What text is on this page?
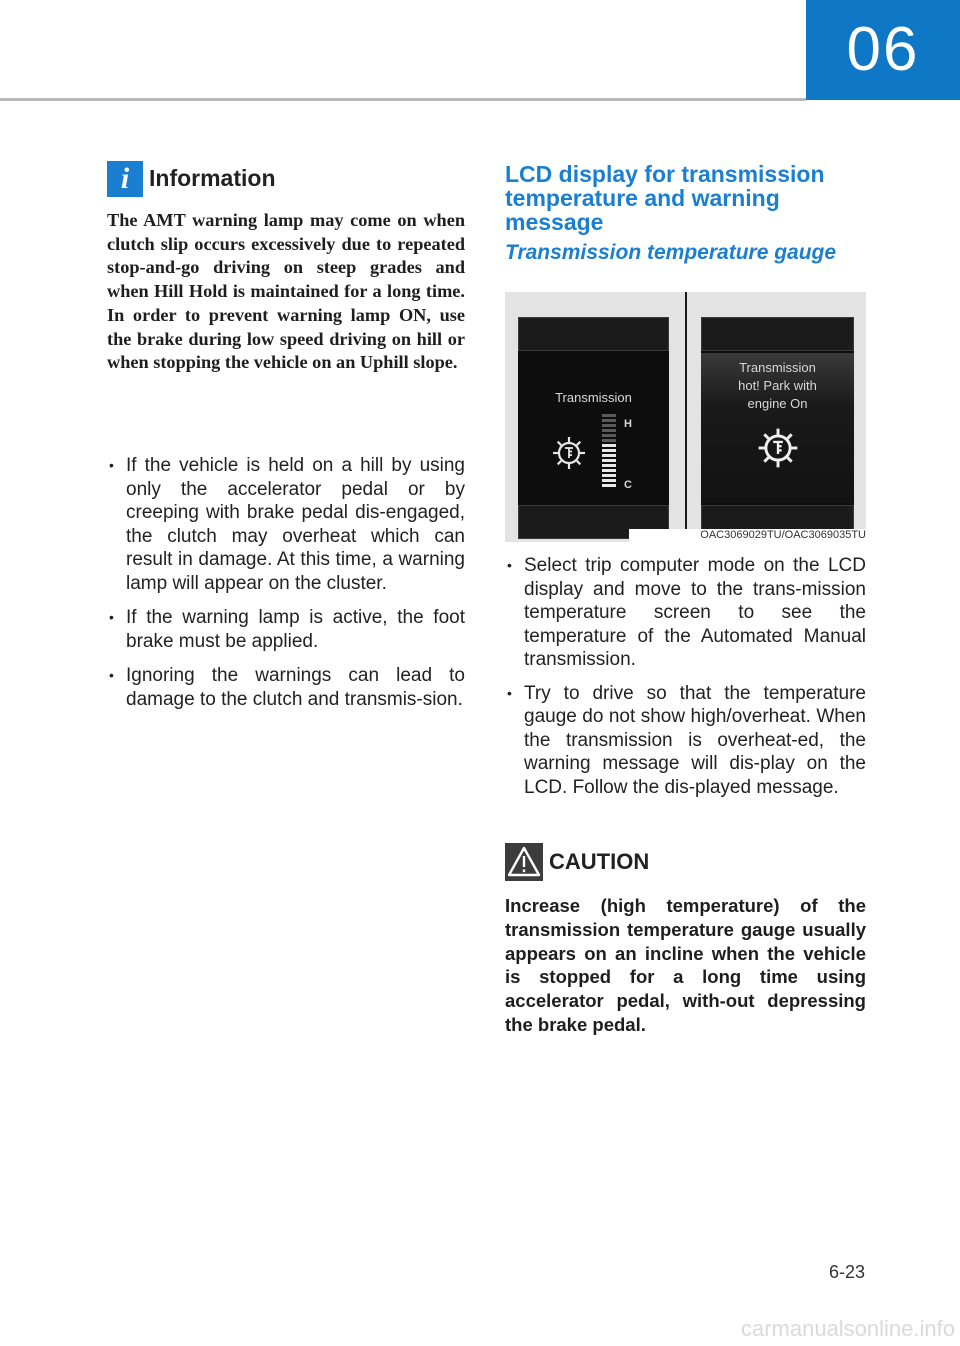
06
i Information
The AMT warning lamp may come on when clutch slip occurs excessively due to repeated stop-and-go driving on steep grades and when Hill Hold is maintained for a long time. In order to prevent warning lamp ON, use the brake during low speed driving on hill or when stopping the vehicle on an Uphill slope.
• If the vehicle is held on a hill by using only the accelerator pedal or by creeping with brake pedal dis-engaged, the clutch may overheat which can result in damage. At this time, a warning lamp will appear on the cluster.
• If the warning lamp is active, the foot brake must be applied.
• Ignoring the warnings can lead to damage to the clutch and transmis-sion.
LCD display for transmission temperature and warning message
Transmission temperature gauge
Transmission
H
C
Transmission
hot! Park with
engine On
OAC3069029TU/OAC3069035TU
• Select trip computer mode on the LCD display and move to the trans-mission temperature screen to see the temperature of the Automated Manual transmission.
• Try to drive so that the temperature gauge do not show high/overheat. When the transmission is overheat-ed, the warning message will dis-play on the LCD. Follow the dis-played message.
CAUTION
Increase (high temperature) of the transmission temperature gauge usually appears on an incline when the vehicle is stopped for a long time using accelerator pedal, with-out depressing the brake pedal.
6-23
carmanualsonline.info
